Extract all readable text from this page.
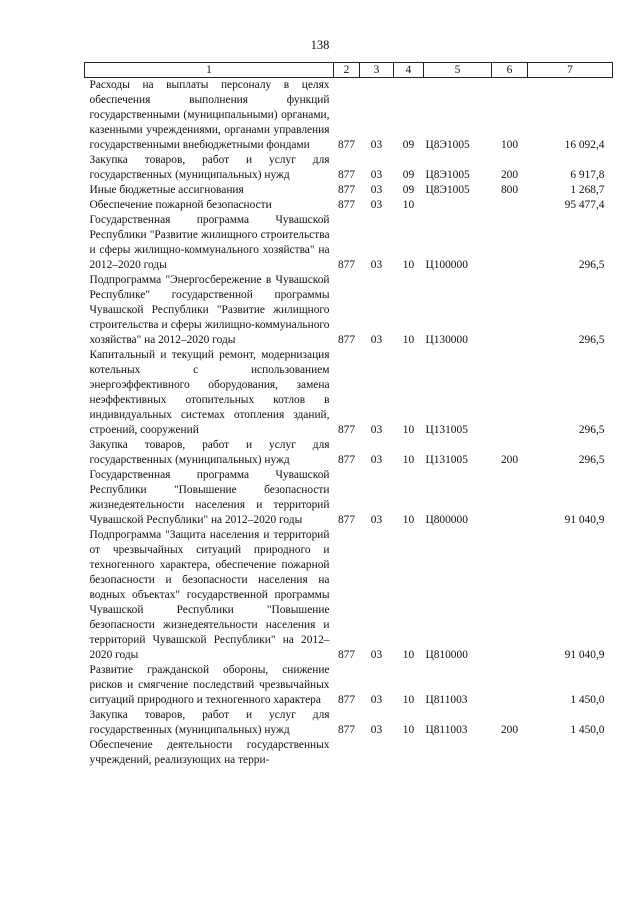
138
1	2	3	4	5	6	7
Расходы на выплаты персоналу в целях обеспечения выполнения функций государственными (муниципальными) органами, казенными учреждениями, органами управления государственными внебюджетными фондами	877	03	09	Ц8Э1005	100	16 092,4
Закупка товаров, работ и услуг для государственных (муниципальных) нужд	877	03	09	Ц8Э1005	200	6 917,8
Иные бюджетные ассигнования	877	03	09	Ц8Э1005	800	1 268,7
Обеспечение пожарной безопасности	877	03	10			95 477,4
Государственная программа Чувашской Республики "Развитие жилищного строительства и сферы жилищно-коммунального хозяйства" на 2012–2020 годы	877	03	10	Ц100000		296,5
Подпрограмма "Энергосбережение в Чувашской Республике" государственной программы Чувашской Республики "Развитие жилищного строительства и сферы жилищно-коммунального хозяйства" на 2012–2020 годы	877	03	10	Ц130000		296,5
Капитальный и текущий ремонт, модернизация котельных с использованием энергоэффективного оборудования, замена неэффективных отопительных котлов в индивидуальных системах отопления зданий, строений, сооружений	877	03	10	Ц131005		296,5
Закупка товаров, работ и услуг для государственных (муниципальных) нужд	877	03	10	Ц131005	200	296,5
Государственная программа Чувашской Республики "Повышение безопасности жизнедеятельности населения и территорий Чувашской Республики" на 2012–2020 годы	877	03	10	Ц800000		91 040,9
Подпрограмма "Защита населения и территорий от чрезвычайных ситуаций природного и техногенного характера, обеспечение пожарной безопасности и безопасности населения на водных объектах" государственной программы Чувашской Республики "Повышение безопасности жизнедеятельности населения и территорий Чувашской Республики" на 2012–2020 годы	877	03	10	Ц810000		91 040,9
Развитие гражданской обороны, снижение рисков и смягчение последствий чрезвычайных ситуаций природного и техногенного характера	877	03	10	Ц811003		1 450,0
Закупка товаров, работ и услуг для государственных (муниципальных) нужд	877	03	10	Ц811003	200	1 450,0
Обеспечение деятельности государственных учреждений, реализующих на терри-						
